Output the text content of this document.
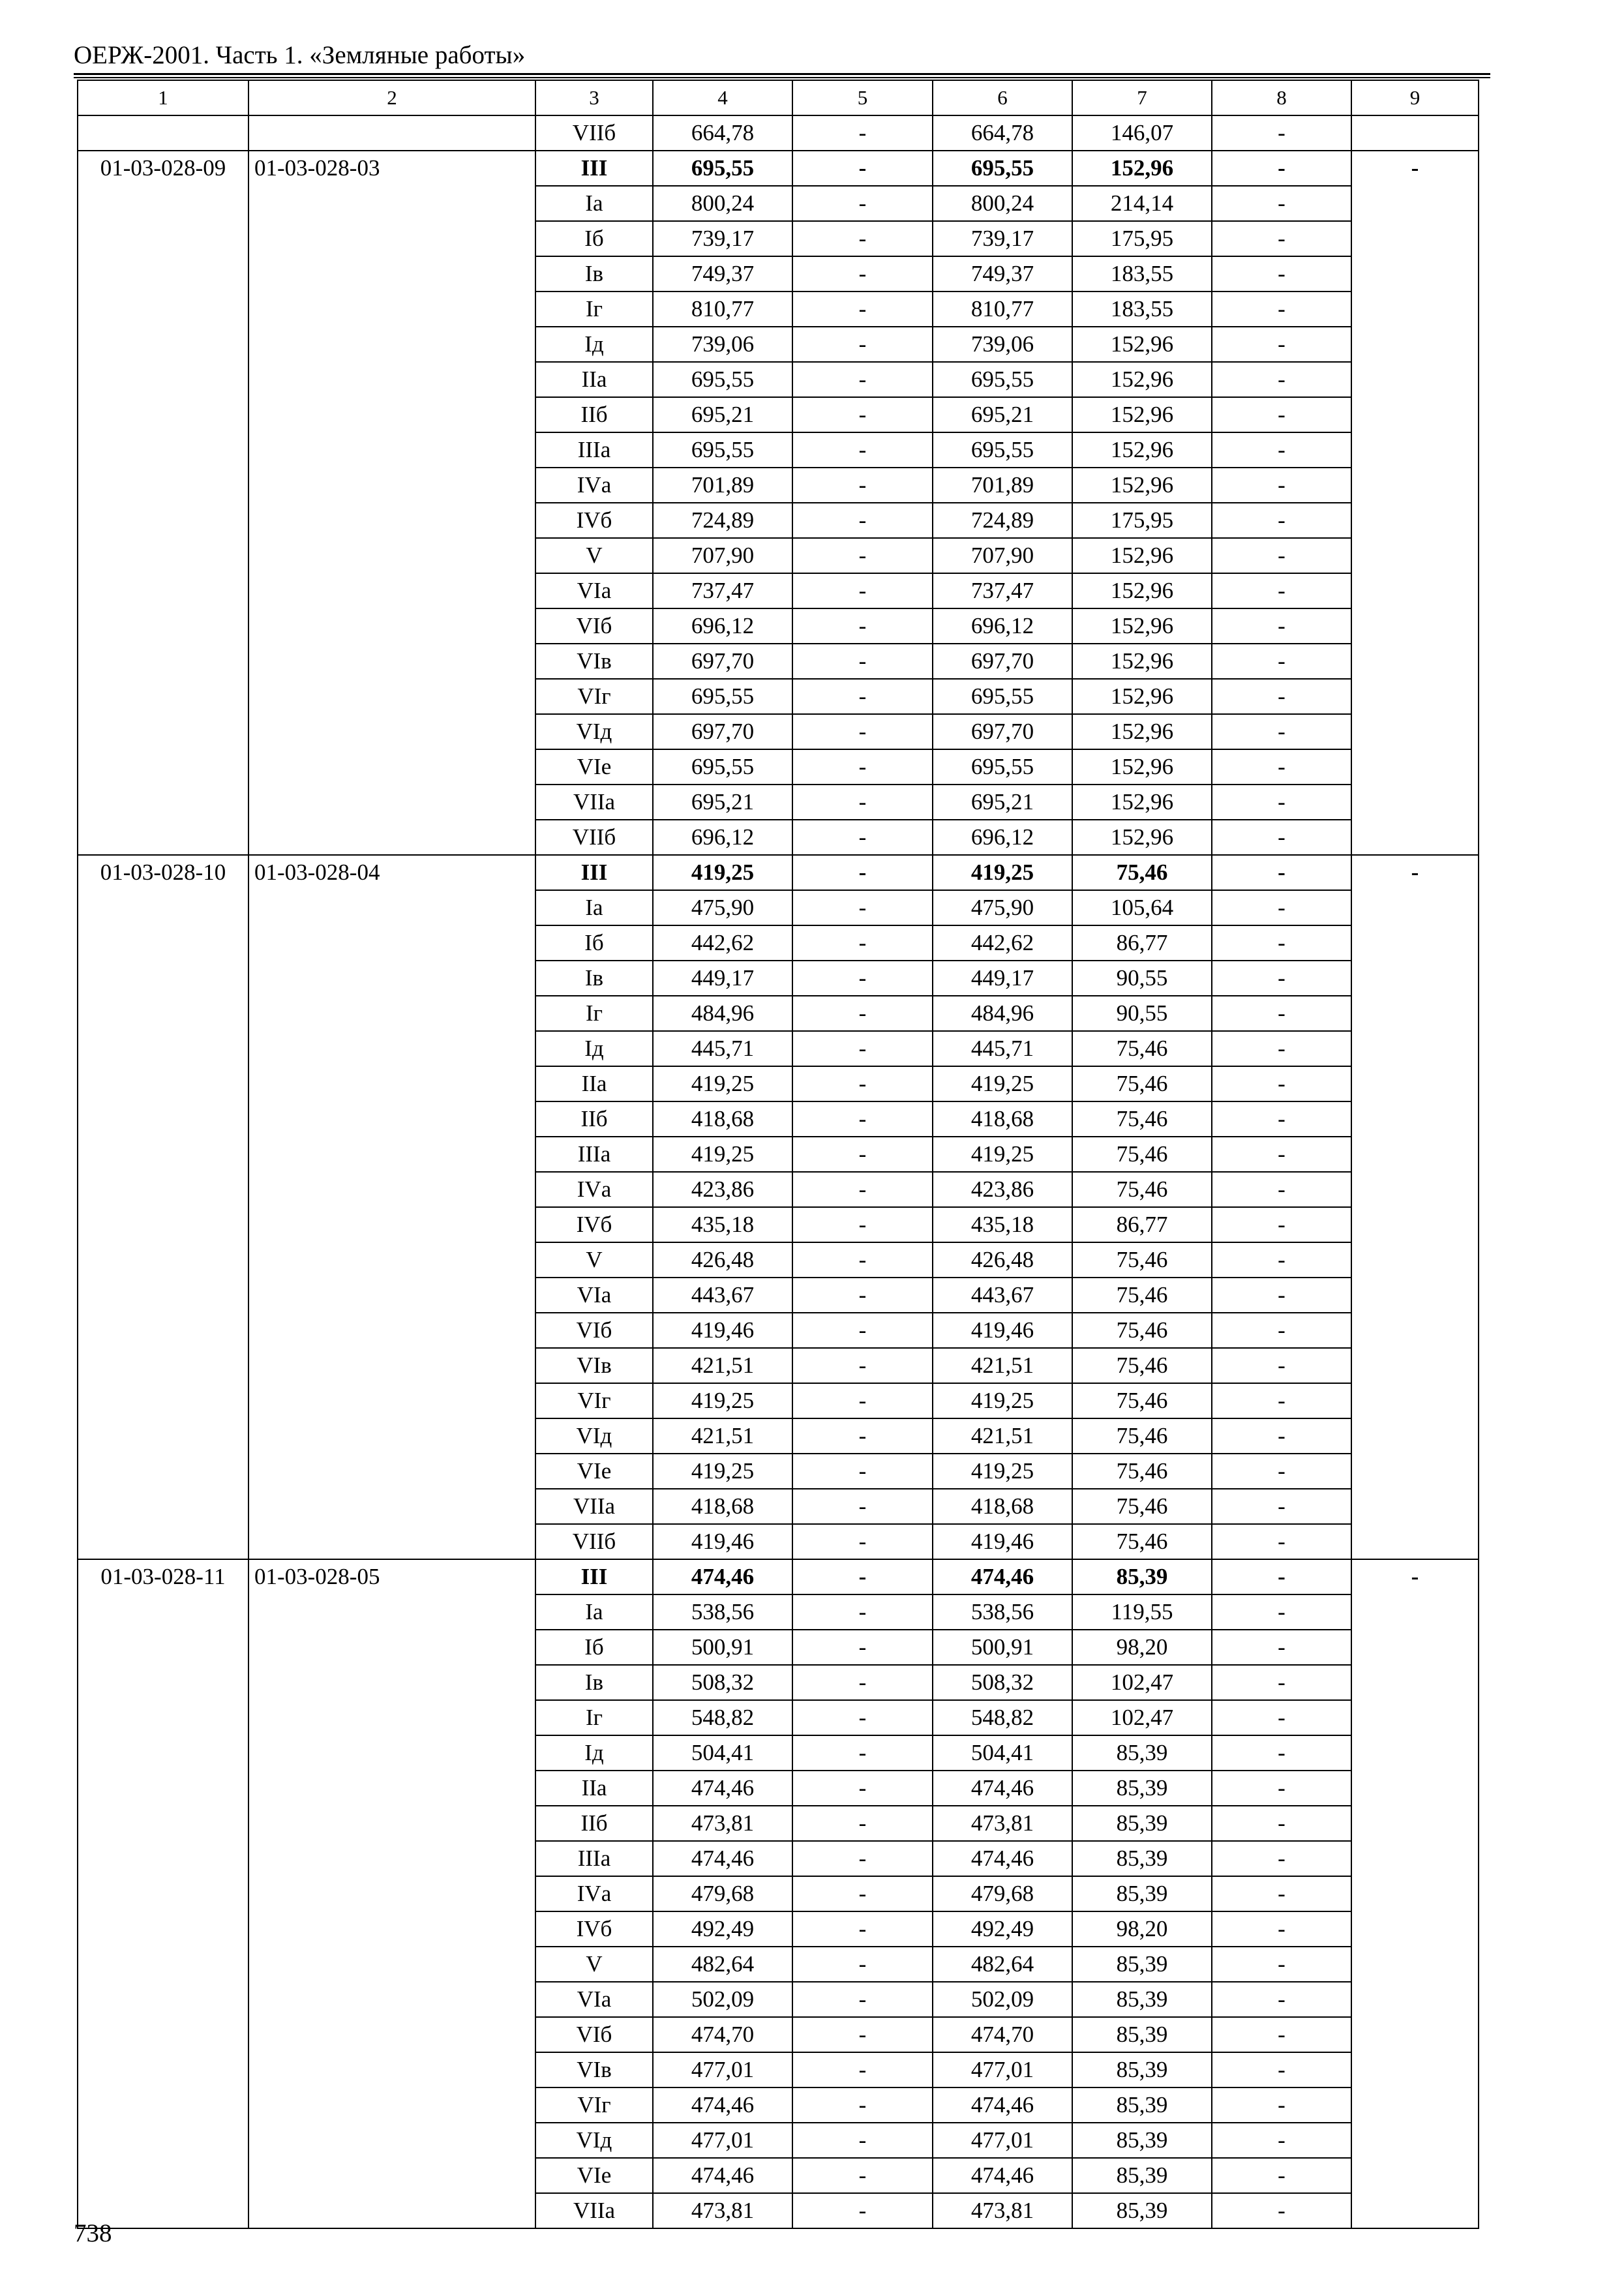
ОЕРЖ-2001. Часть 1. «Земляные работы»
1	2	3	4	5	6	7	8	9
		VIIб	664,78	-	664,78	146,07	-	
01-03-028-09	01-03-028-03	III	695,55	-	695,55	152,96	-	-
		Iа	800,24	-	800,24	214,14	-	
		Iб	739,17	-	739,17	175,95	-	
		Iв	749,37	-	749,37	183,55	-	
		Iг	810,77	-	810,77	183,55	-	
		Iд	739,06	-	739,06	152,96	-	
		IIа	695,55	-	695,55	152,96	-	
		IIб	695,21	-	695,21	152,96	-	
		IIIа	695,55	-	695,55	152,96	-	
		IVа	701,89	-	701,89	152,96	-	
		IVб	724,89	-	724,89	175,95	-	
		V	707,90	-	707,90	152,96	-	
		VIа	737,47	-	737,47	152,96	-	
		VIб	696,12	-	696,12	152,96	-	
		VIв	697,70	-	697,70	152,96	-	
		VIг	695,55	-	695,55	152,96	-	
		VIд	697,70	-	697,70	152,96	-	
		VIе	695,55	-	695,55	152,96	-	
		VIIа	695,21	-	695,21	152,96	-	
		VIIб	696,12	-	696,12	152,96	-	
01-03-028-10	01-03-028-04	III	419,25	-	419,25	75,46	-	-
		Iа	475,90	-	475,90	105,64	-	
		Iб	442,62	-	442,62	86,77	-	
		Iв	449,17	-	449,17	90,55	-	
		Iг	484,96	-	484,96	90,55	-	
		Iд	445,71	-	445,71	75,46	-	
		IIа	419,25	-	419,25	75,46	-	
		IIб	418,68	-	418,68	75,46	-	
		IIIа	419,25	-	419,25	75,46	-	
		IVа	423,86	-	423,86	75,46	-	
		IVб	435,18	-	435,18	86,77	-	
		V	426,48	-	426,48	75,46	-	
		VIа	443,67	-	443,67	75,46	-	
		VIб	419,46	-	419,46	75,46	-	
		VIв	421,51	-	421,51	75,46	-	
		VIг	419,25	-	419,25	75,46	-	
		VIд	421,51	-	421,51	75,46	-	
		VIе	419,25	-	419,25	75,46	-	
		VIIа	418,68	-	418,68	75,46	-	
		VIIб	419,46	-	419,46	75,46	-	
01-03-028-11	01-03-028-05	III	474,46	-	474,46	85,39	-	-
		Iа	538,56	-	538,56	119,55	-	
		Iб	500,91	-	500,91	98,20	-	
		Iв	508,32	-	508,32	102,47	-	
		Iг	548,82	-	548,82	102,47	-	
		Iд	504,41	-	504,41	85,39	-	
		IIа	474,46	-	474,46	85,39	-	
		IIб	473,81	-	473,81	85,39	-	
		IIIа	474,46	-	474,46	85,39	-	
		IVа	479,68	-	479,68	85,39	-	
		IVб	492,49	-	492,49	98,20	-	
		V	482,64	-	482,64	85,39	-	
		VIа	502,09	-	502,09	85,39	-	
		VIб	474,70	-	474,70	85,39	-	
		VIв	477,01	-	477,01	85,39	-	
		VIг	474,46	-	474,46	85,39	-	
		VIд	477,01	-	477,01	85,39	-	
		VIе	474,46	-	474,46	85,39	-	
		VIIа	473,81	-	473,81	85,39	-	
738
